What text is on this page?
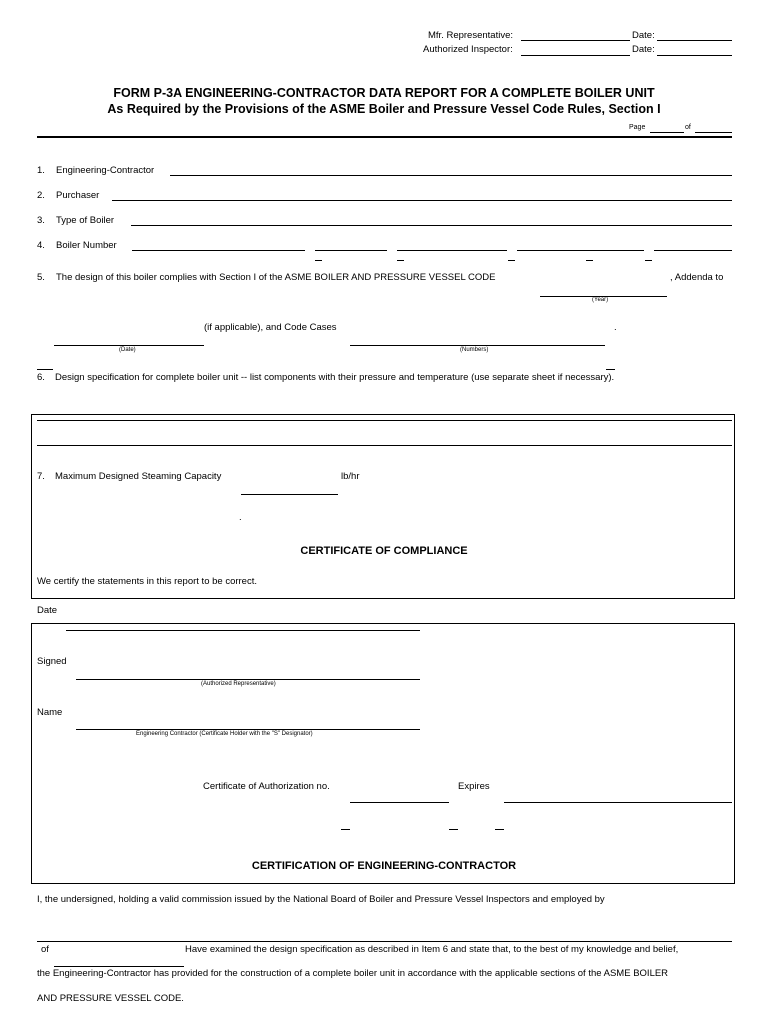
Mfr. Representative:	Date:
Authorized Inspector:	Date:
FORM P-3A ENGINEERING-CONTRACTOR DATA REPORT FOR A COMPLETE BOILER UNIT
As Required by the Provisions of the ASME Boiler and Pressure Vessel Code Rules, Section I
Page	of
1. Engineering-Contractor
2. Purchaser
3. Type of Boiler
4. Boiler Number
5. The design of this boiler complies with Section I of the ASME BOILER AND PRESSURE VESSEL CODE	, Addenda to
(Year)
(if applicable), and Code Cases	.
(Date)	(Numbers)
6. Design specification for complete boiler unit -- list components with their pressure and temperature (use separate sheet if necessary).
7. Maximum Designed Steaming Capacity	lb/hr
.
CERTIFICATE OF COMPLIANCE
We certify the statements in this report to be correct.
Date
Signed
(Authorized Representative)
Name
Engineering Contractor (Certificate Holder with the "S" Designator)
Certificate of Authorization no.	Expires
CERTIFICATION OF ENGINEERING-CONTRACTOR
I, the undersigned, holding a valid commission issued by the National Board of Boiler and Pressure Vessel Inspectors and employed by
of	Have examined the design specification as described in Item 6 and state that, to the best of my knowledge and belief,
the Engineering-Contractor has provided for the construction of a complete boiler unit in accordance with the applicable sections of the ASME BOILER
AND PRESSURE VESSEL CODE.
